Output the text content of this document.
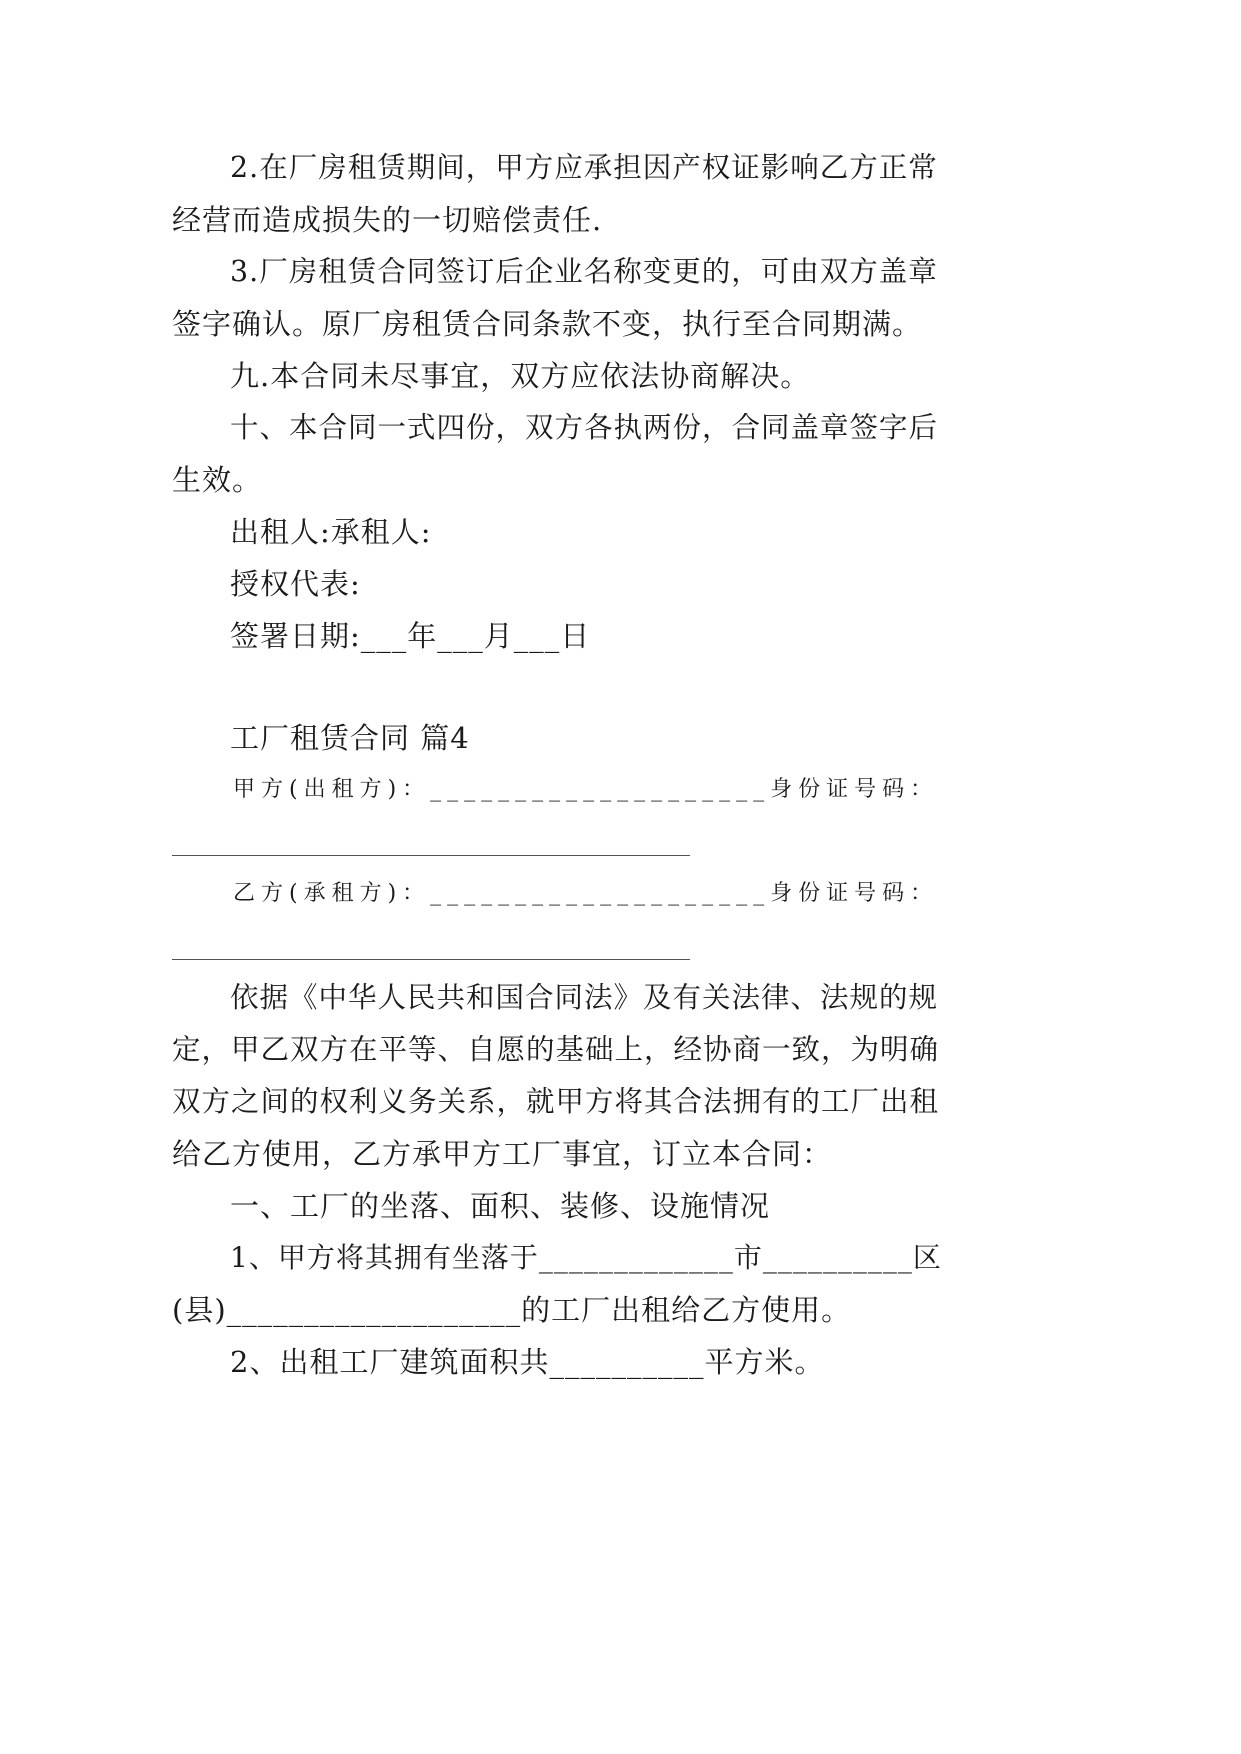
2.在厂房租赁期间，甲方应承担因产权证影响乙方正常
经营而造成损失的一切赔偿责任.
3.厂房租赁合同签订后企业名称变更的，可由双方盖章
签字确认。原厂房租赁合同条款不变，执行至合同期满。
九.本合同未尽事宜，双方应依法协商解决。
十、本合同一式四份，双方各执两份，合同盖章签字后
生效。
出租人:承租人:
授权代表:
签署日期:___年___月___日
工厂租赁合同 篇4
甲方(出租方)：____________________身份证号码：
乙方(承租方)：____________________身份证号码：
依据《中华人民共和国合同法》及有关法律、法规的规
定，甲乙双方在平等、自愿的基础上，经协商一致，为明确
双方之间的权利义务关系，就甲方将其合法拥有的工厂出租
给乙方使用，乙方承甲方工厂事宜，订立本合同：
一、工厂的坐落、面积、装修、设施情况
1、甲方将其拥有坐落于_____________市__________区
(县)___________________的工厂出租给乙方使用。
2、出租工厂建筑面积共__________平方米。
